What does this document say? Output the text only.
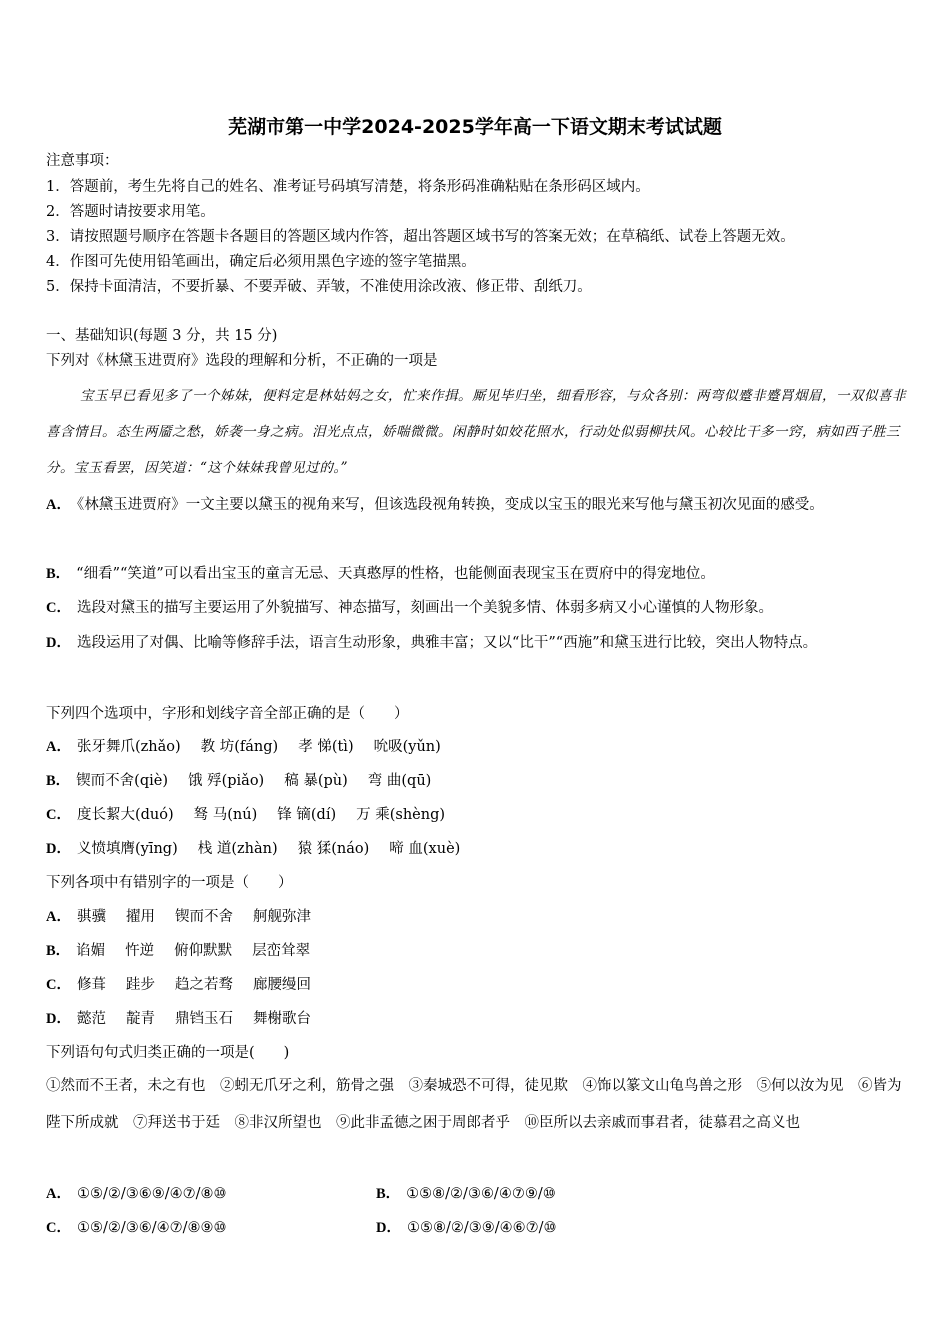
芜湖市第一中学2024-2025学年高一下语文期末考试试题
注意事项：
1．答题前，考生先将自己的姓名、准考证号码填写清楚，将条形码准确粘贴在条形码区域内。
2．答题时请按要求用笔。
3．请按照题号顺序在答题卡各题目的答题区域内作答，超出答题区域书写的答案无效；在草稿纸、试卷上答题无效。
4．作图可先使用铅笔画出，确定后必须用黑色字迹的签字笔描黑。
5．保持卡面清洁，不要折暴、不要弄破、弄皱，不准使用涂改液、修正带、刮纸刀。
一、基础知识(每题 3 分，共 15 分)
下列对《林黛玉进贾府》选段的理解和分析，不正确的一项是
宝玉早已看见多了一个姊妹，便料定是林姑妈之女，忙来作揖。厮见毕归坐，细看形容，与众各别：两弯似蹙非蹙罥烟眉，一双似喜非喜含情目。态生两靥之愁，娇袭一身之病。泪光点点，娇喘微微。闲静时如姣花照水，行动处似弱柳扶风。心较比干多一窍，病如西子胜三分。宝玉看罢，因笑道：“这个妹妹我曾见过的。”
A． 《林黛玉进贾府》一文主要以黛玉的视角来写，但该选段视角转换，变成以宝玉的眼光来写他与黛玉初次见面的感受。
B． “细看”“笑道”可以看出宝玉的童言无忌、天真憨厚的性格，也能侧面表现宝玉在贾府中的得宠地位。
C． 选段对黛玉的描写主要运用了外貌描写、神态描写，刻画出一个美貌多情、体弱多病又小心谨慎的人物形象。
D． 选段运用了对偶、比喻等修辞手法，语言生动形象，典雅丰富；又以“比干”“西施”和黛玉进行比较，突出人物特点。
下列四个选项中，字形和划线字音全部正确的是（　　）
A． 张牙舞爪(zhǎo) 教 坊(fáng) 孝 悌(tì) 吮吸(yǔn)
B． 锲而不舍(qiè) 饿 殍(piǎo) 稿 暴(pù) 弯 曲(qū)
C． 度长絜大(duó) 驽 马(nú) 锋 镝(dí) 万 乘(shèng)
D． 义愤填膺(yīng) 栈 道(zhàn) 猿 猱(náo) 啼 血(xuè)
下列各项中有错别字的一项是（　　）
A． 骐骥 擢用 锲而不舍 舸舰弥津
B． 谄媚 忤逆 俯仰默默 层峦耸翠
C． 修葺 跬步 趋之若骛 廊腰缦回
D． 懿范 靛青 鼎铛玉石 舞榭歌台
下列语句句式归类正确的一项是(　　)
①然而不王者，未之有也　②蚓无爪牙之利，筋骨之强　③秦城恐不可得，徒见欺　④饰以篆文山龟鸟兽之形　⑤何以汝为见　⑥皆为陛下所成就　⑦拜送书于廷　⑧非汉所望也　⑨此非孟德之困于周郎者乎　⑩臣所以去亲戚而事君者，徒慕君之高义也
A． ①⑤/②/③⑥⑨/④⑦/⑧⑩	B． ①⑤⑧/②/③⑥/④⑦⑨/⑩
C． ①⑤/②/③⑥/④⑦/⑧⑨⑩	D． ①⑤⑧/②/③⑨/④⑥⑦/⑩
